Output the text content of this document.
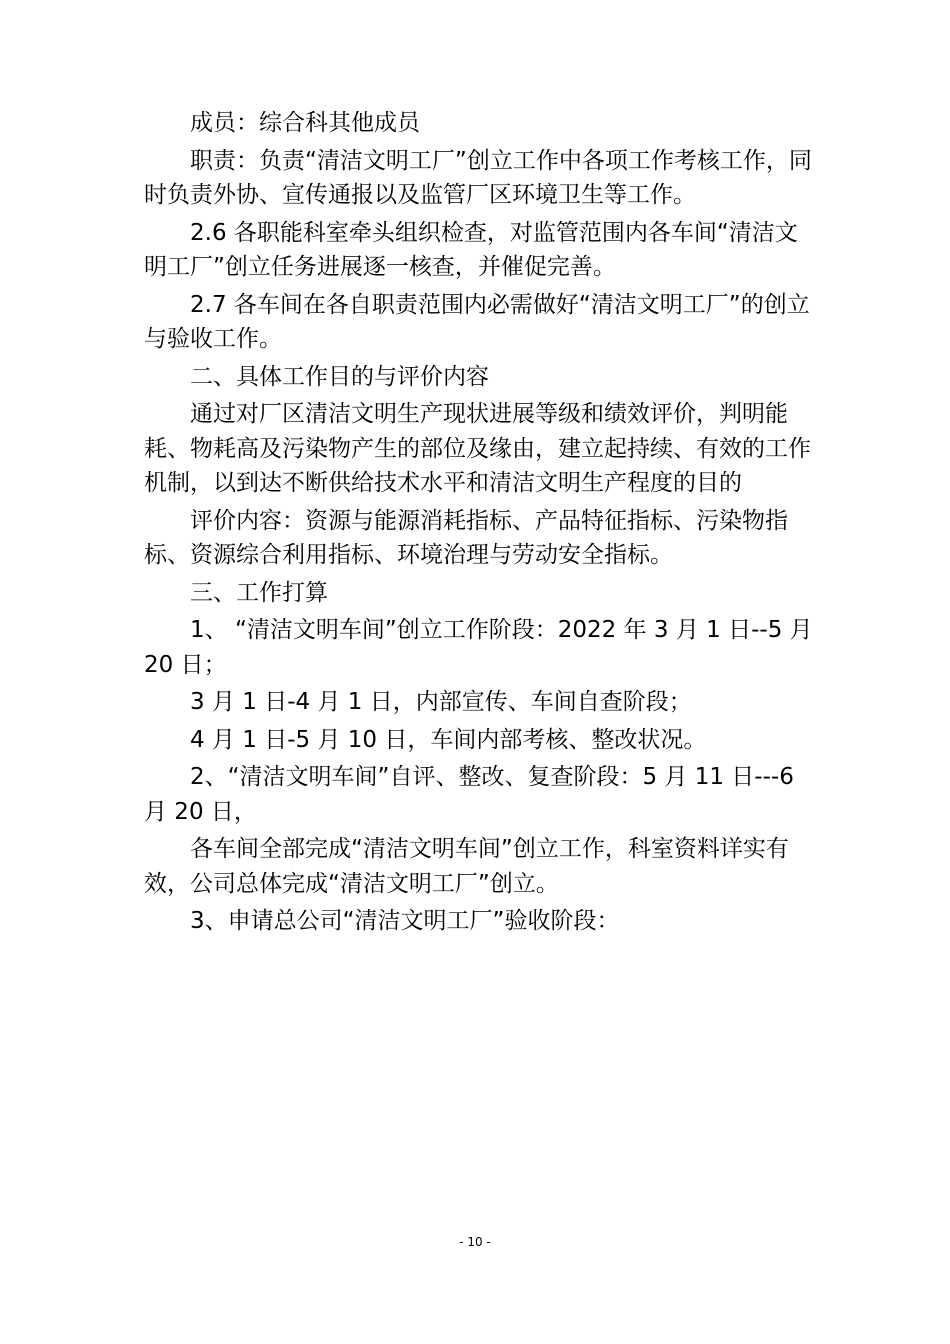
成员：综合科其他成员

职责：负责“清洁文明工厂”创立工作中各项工作考核工作，同时负责外协、宣传通报以及监管厂区环境卫生等工作。

2.6 各职能科室牵头组织检查，对监管范围内各车间“清洁文明工厂”创立任务进展逐一核查，并催促完善。

2.7 各车间在各自职责范围内必需做好“清洁文明工厂”的创立与验收工作。

二、具体工作目的与评价内容

通过对厂区清洁文明生产现状进展等级和绩效评价，判明能耗、物耗高及污染物产生的部位及缘由，建立起持续、有效的工作机制，以到达不断供给技术水平和清洁文明生产程度的目的

评价内容：资源与能源消耗指标、产品特征指标、污染物指标、资源综合利用指标、环境治理与劳动安全指标。

三、工作打算

1、 “清洁文明车间”创立工作阶段：2022 年 3 月 1 日--5 月 20 日；

3 月 1 日-4 月 1 日，内部宣传、车间自查阶段；

4 月 1 日-5 月 10 日，车间内部考核、整改状况。

2、“清洁文明车间”自评、整改、复查阶段：5 月 11 日---6 月 20 日，

各车间全部完成“清洁文明车间”创立工作，科室资料详实有效，公司总体完成“清洁文明工厂”创立。

3、申请总公司“清洁文明工厂”验收阶段：

- 10 -
